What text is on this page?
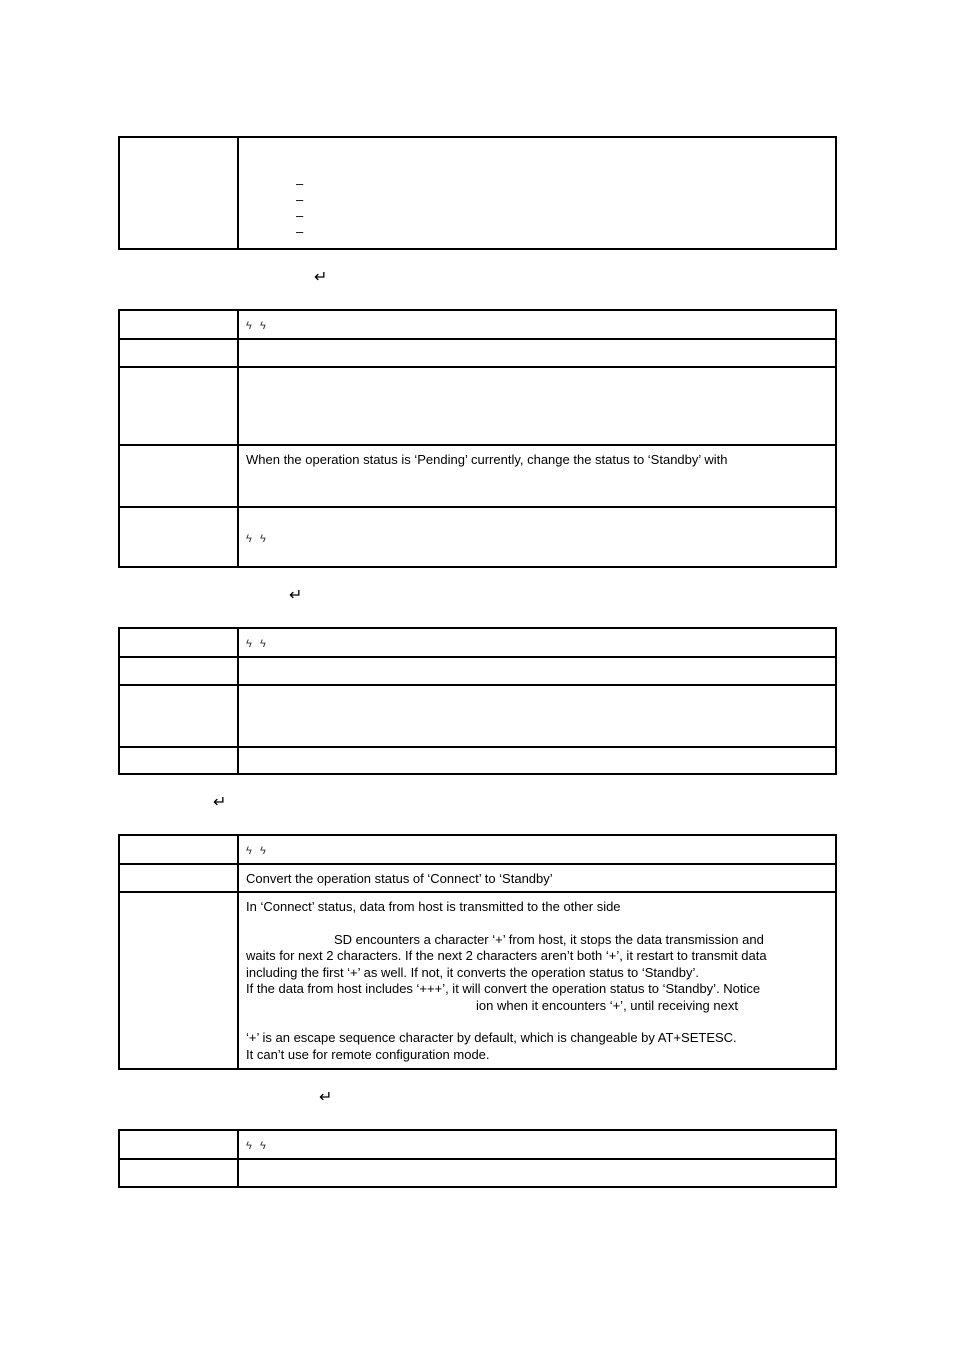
–
–
–
–
↵
ϟ ϟ
When the operation status is ‘Pending’ currently, change the status to ‘Standby’ with
ϟ ϟ
↵
ϟ ϟ
↵
ϟ ϟ
Convert the operation status of ‘Connect’ to ‘Standby’
In ‘Connect’ status, data from host is transmitted to the other side
SD encounters a character ‘+’ from host, it stops the data transmission and
waits for next 2 characters. If the next 2 characters aren’t both ‘+’, it restart to transmit data
including the first ‘+’ as well. If not, it converts the operation status to ‘Standby’.
If the data from host includes ‘+++’, it will convert the operation status to ‘Standby’. Notice
ion when it encounters ‘+’, until receiving next
‘+’ is an escape sequence character by default, which is changeable by AT+SETESC.
It can’t use for remote configuration mode.
↵
ϟ ϟ
